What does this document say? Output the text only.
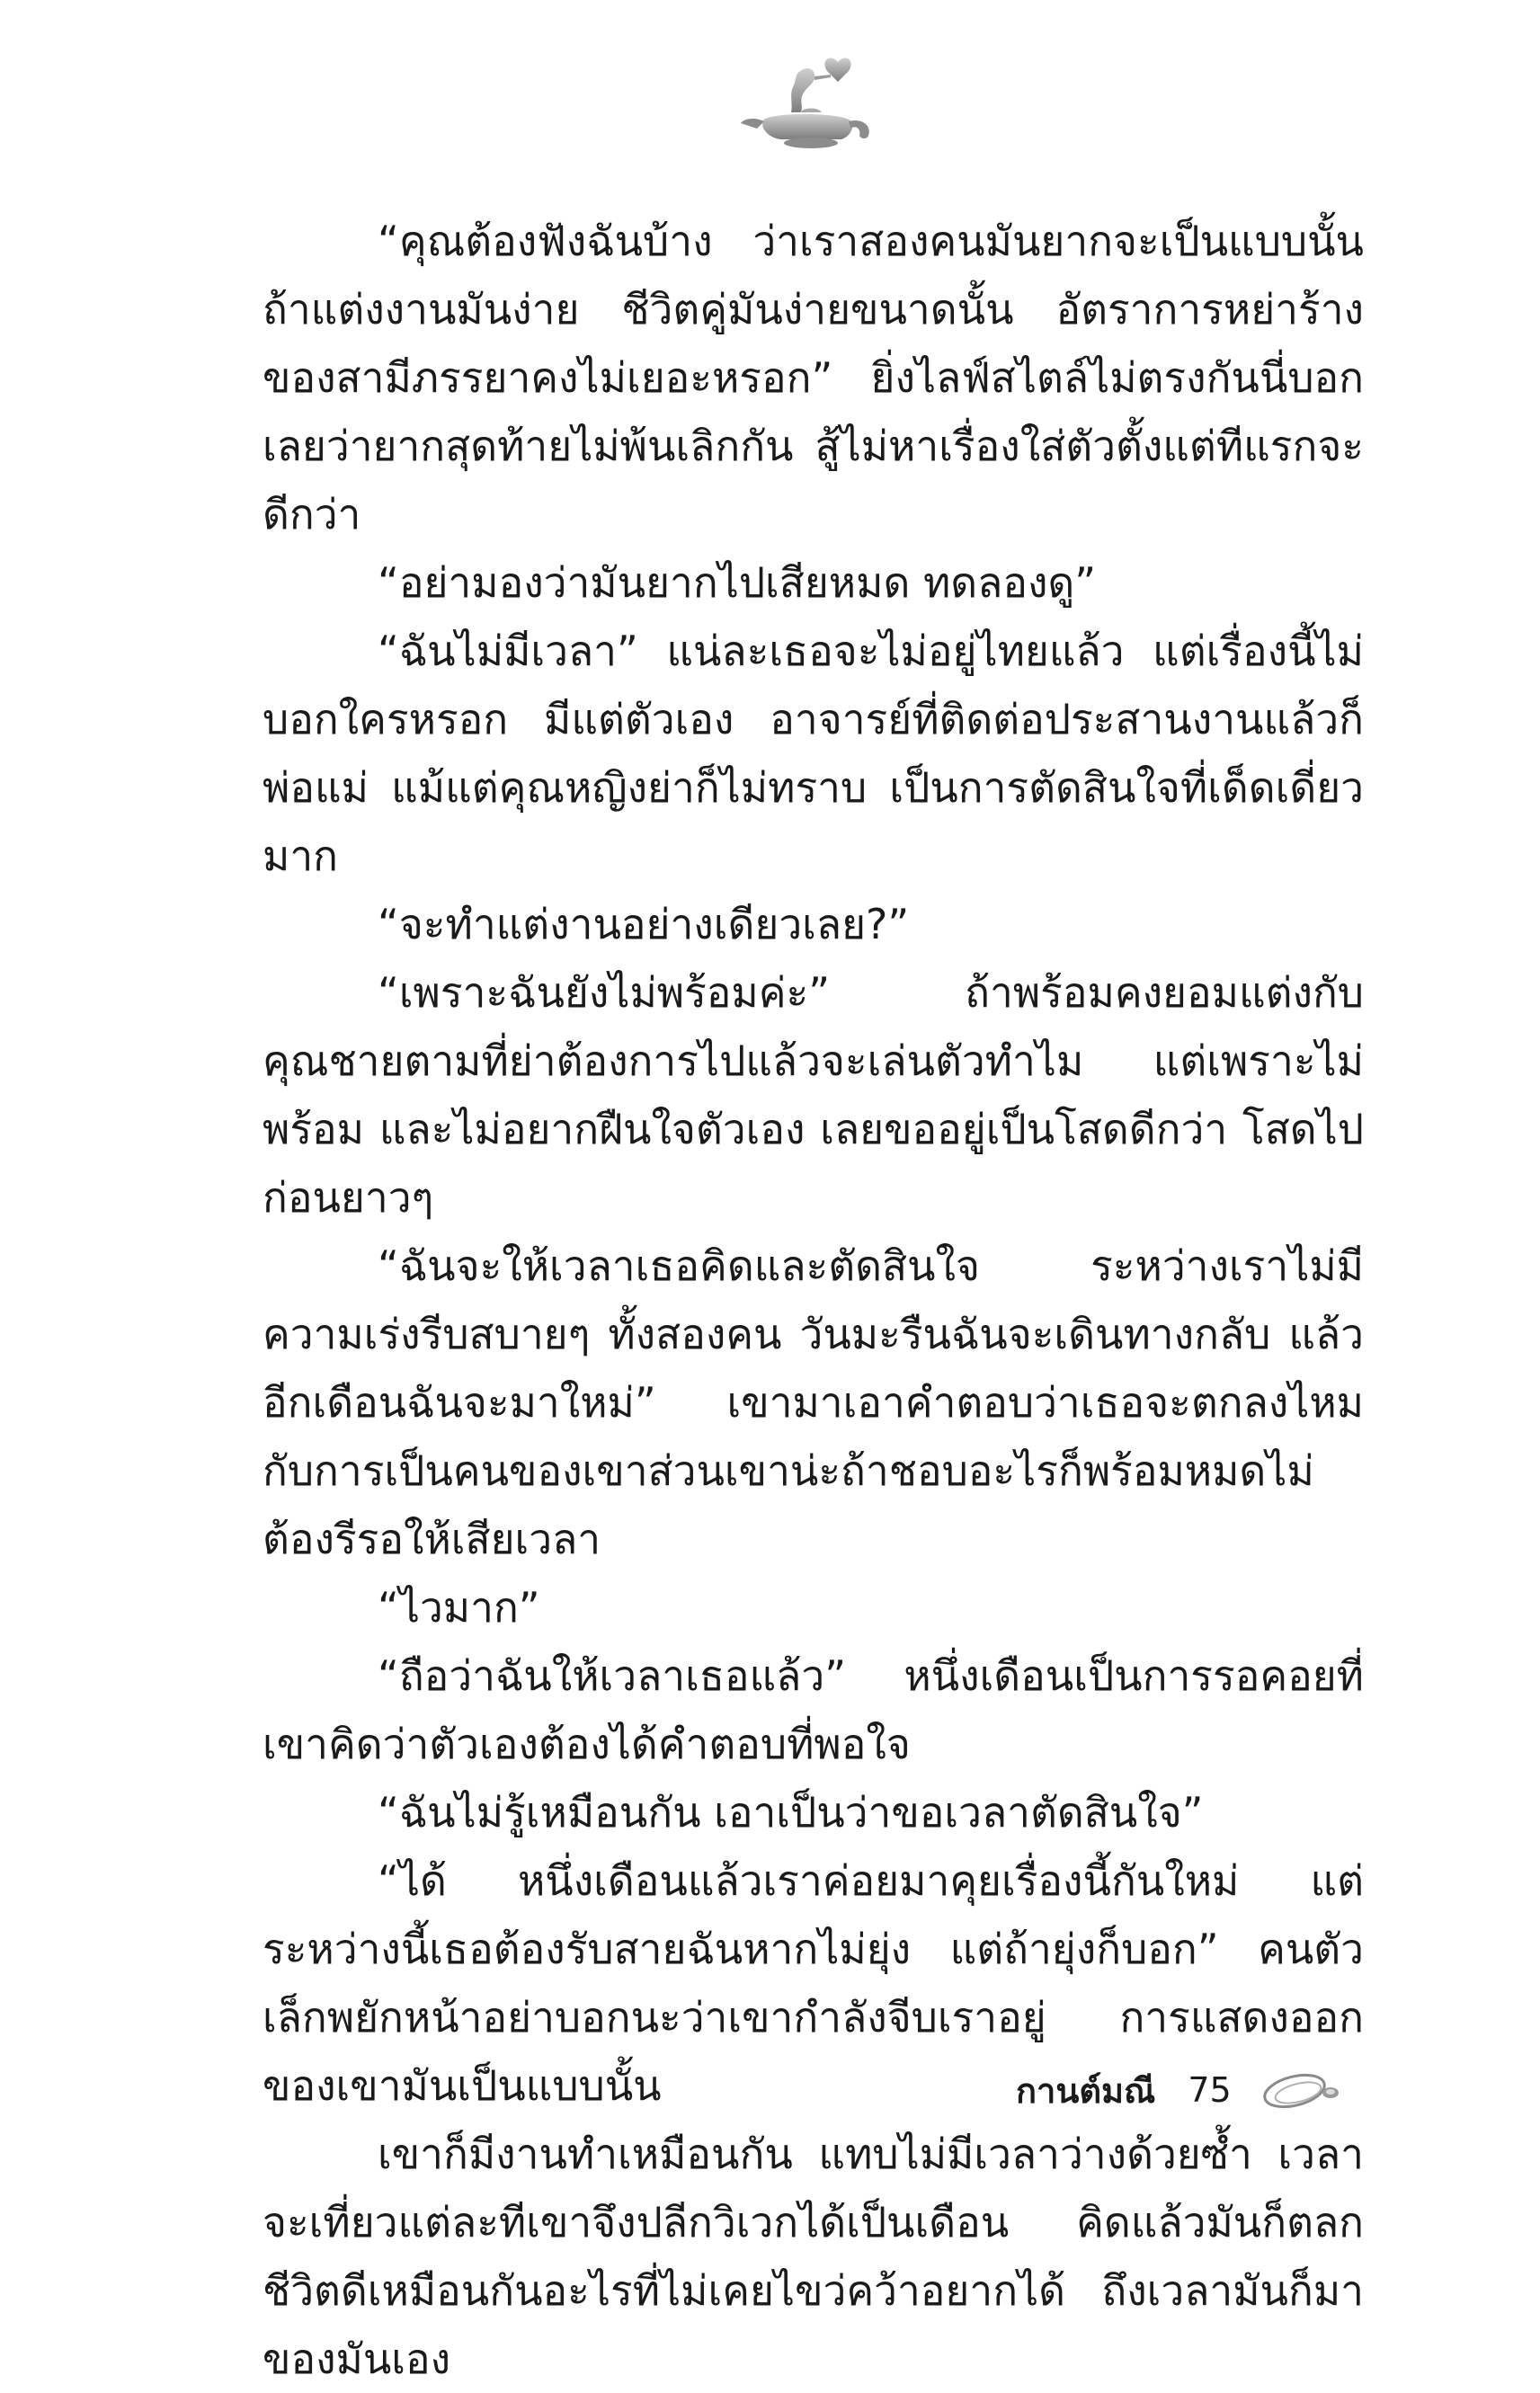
“คุณต้องฟังฉันบ้าง ว่าเราสองคนมันยากจะเป็นแบบนั้น ถ้าแต่งงานมันง่าย ชีวิตคู่มันง่ายขนาดนั้น อัตราการหย่าร้างของสามีภรรยาคงไม่เยอะหรอก” ยิ่งไลฟ์สไตล์ไม่ตรงกันนี่บอกเลยว่ายากสุดท้ายไม่พ้นเลิกกัน สู้ไม่หาเรื่องใส่ตัวตั้งแต่ทีแรกจะดีกว่า

“อย่ามองว่ามันยากไปเสียหมด ทดลองดู”

“ฉันไม่มีเวลา” แน่ละเธอจะไม่อยู่ไทยแล้ว แต่เรื่องนี้ไม่บอกใครหรอก มีแต่ตัวเอง อาจารย์ที่ติดต่อประสานงานแล้วก็พ่อแม่ แม้แต่คุณหญิงย่าก็ไม่ทราบ เป็นการตัดสินใจที่เด็ดเดี่ยวมาก

“จะทำแต่งานอย่างเดียวเลย?”

“เพราะฉันยังไม่พร้อมค่ะ” ถ้าพร้อมคงยอมแต่งกับคุณชายตามที่ย่าต้องการไปแล้วจะเล่นตัวทำไม แต่เพราะไม่พร้อม และไม่อยากฝืนใจตัวเอง เลยขออยู่เป็นโสดดีกว่า โสดไปก่อนยาวๆ

“ฉันจะให้เวลาเธอคิดและตัดสินใจ ระหว่างเราไม่มีความเร่งรีบสบายๆ ทั้งสองคน วันมะรืนฉันจะเดินทางกลับ แล้วอีกเดือนฉันจะมาใหม่” เขามาเอาคำตอบว่าเธอจะตกลงไหม กับการเป็นคนของเขาส่วนเขาน่ะถ้าชอบอะไรก็พร้อมหมดไม่ต้องรีรอให้เสียเวลา

“ไวมาก”

“ถือว่าฉันให้เวลาเธอแล้ว” หนึ่งเดือนเป็นการรอคอยที่เขาคิดว่าตัวเองต้องได้คำตอบที่พอใจ

“ฉันไม่รู้เหมือนกัน เอาเป็นว่าขอเวลาตัดสินใจ”

“ได้ หนึ่งเดือนแล้วเราค่อยมาคุยเรื่องนี้กันใหม่ แต่ระหว่างนี้เธอต้องรับสายฉันหากไม่ยุ่ง แต่ถ้ายุ่งก็บอก” คนตัวเล็กพยักหน้าอย่าบอกนะว่าเขากำลังจีบเราอยู่ การแสดงออกของเขามันเป็นแบบนั้น

เขาก็มีงานทำเหมือนกัน แทบไม่มีเวลาว่างด้วยซ้ำ เวลาจะเที่ยวแต่ละทีเขาจึงปลีกวิเวกได้เป็นเดือน คิดแล้วมันก็ตลกชีวิตดีเหมือนกันอะไรที่ไม่เคยไขว่คว้าอยากได้ ถึงเวลามันก็มาของมันเอง

กานต์มณี 75
